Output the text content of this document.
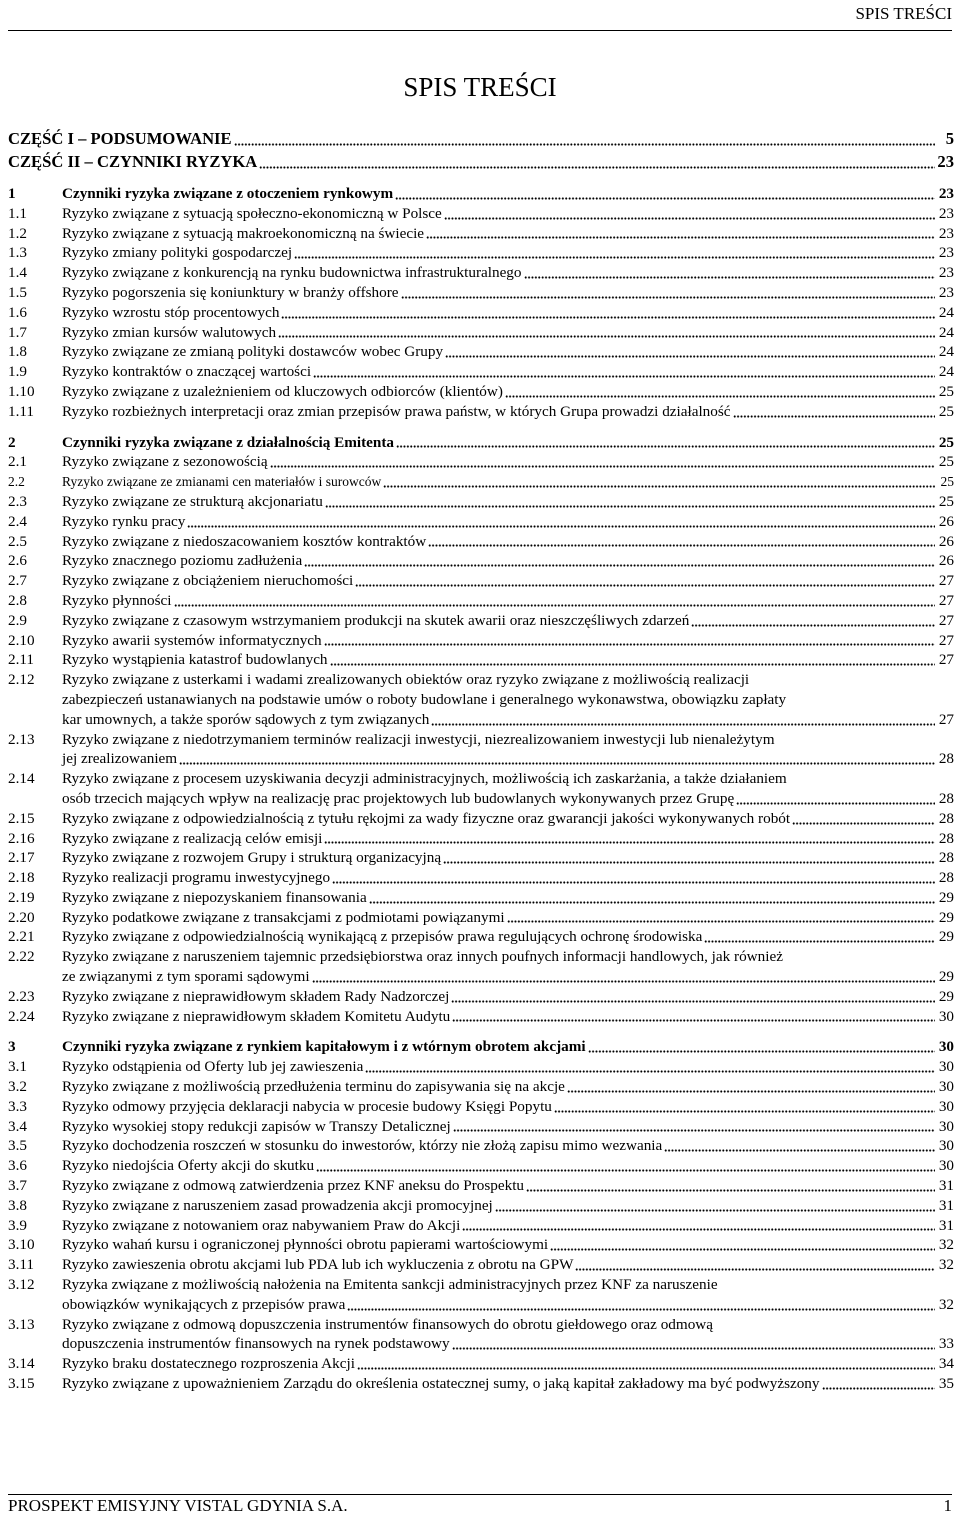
SPIS TREŚCI
SPIS TREŚCI
CZĘŚĆ I – PODSUMOWANIE	5
CZĘŚĆ II – CZYNNIKI RYZYKA	23
1	Czynniki ryzyka związane z otoczeniem rynkowym	23
1.1 Ryzyko związane z sytuacją społeczno-ekonomiczną w Polsce	23
1.2 Ryzyko związane z sytuacją makroekonomiczną na świecie	23
1.3 Ryzyko zmiany polityki gospodarczej	23
1.4 Ryzyko związane z konkurencją na rynku budownictwa infrastrukturalnego	23
1.5 Ryzyko pogorszenia się koniunktury w branży offshore	23
1.6 Ryzyko wzrostu stóp procentowych	24
1.7 Ryzyko zmian kursów walutowych	24
1.8 Ryzyko związane ze zmianą polityki dostawców wobec Grupy	24
1.9 Ryzyko kontraktów o znaczącej wartości	24
1.10 Ryzyko związane z uzależnieniem od kluczowych odbiorców (klientów)	25
1.11 Ryzyko rozbieżnych interpretacji oraz zmian przepisów prawa państw, w których Grupa prowadzi działalność	25
2	Czynniki ryzyka związane z działalnością Emitenta	25
2.1 Ryzyko związane z sezonowością	25
2.2	Ryzyko związane ze zmianami cen materiałów i surowców	25
2.3 Ryzyko związane ze strukturą akcjonariatu	25
2.4 Ryzyko rynku pracy	26
2.5 Ryzyko związane z niedoszacowaniem kosztów kontraktów	26
2.6 Ryzyko znacznego poziomu zadłużenia	26
2.7 Ryzyko związane z obciążeniem nieruchomości	27
2.8 Ryzyko płynności	27
2.9 Ryzyko związane z czasowym wstrzymaniem produkcji na skutek awarii oraz nieszczęśliwych zdarzeń	27
2.10 Ryzyko awarii systemów informatycznych	27
2.11 Ryzyko wystąpienia katastrof budowlanych	27
2.12 Ryzyko związane z usterkami i wadami zrealizowanych obiektów oraz ryzyko związane z możliwością realizacji
zabezpieczeń ustanawianych na podstawie umów o roboty budowlane i generalnego wykonawstwa, obowiązku zapłaty
kar umownych, a także sporów sądowych z tym związanych	27
2.13 Ryzyko związane z niedotrzymaniem terminów realizacji inwestycji, niezrealizowaniem inwestycji lub nienależytym
jej zrealizowaniem	28
2.14 Ryzyko związane z procesem uzyskiwania decyzji administracyjnych, możliwością ich zaskarżania, a także działaniem
osób trzecich mających wpływ na realizację prac projektowych lub budowlanych wykonywanych przez Grupę	28
2.15 Ryzyko związane z odpowiedzialnością z tytułu rękojmi za wady fizyczne oraz gwarancji jakości wykonywanych robót	28
2.16 Ryzyko związane z realizacją celów emisji	28
2.17 Ryzyko związane z rozwojem Grupy i strukturą organizacyjną	28
2.18 Ryzyko realizacji programu inwestycyjnego	28
2.19 Ryzyko związane z niepozyskaniem finansowania	29
2.20 Ryzyko podatkowe związane z transakcjami z podmiotami powiązanymi	29
2.21 Ryzyko związane z odpowiedzialnością wynikającą z przepisów prawa regulujących ochronę środowiska	29
2.22 Ryzyko związane z naruszeniem tajemnic przedsiębiorstwa oraz innych poufnych informacji handlowych, jak również
ze związanymi z tym sporami sądowymi	29
2.23 Ryzyko związane z nieprawidłowym składem Rady Nadzorczej	29
2.24 Ryzyko związane z nieprawidłowym składem Komitetu Audytu	30
3	Czynniki ryzyka związane z rynkiem kapitałowym i z wtórnym obrotem akcjami	30
3.1 Ryzyko odstąpienia od Oferty lub jej zawieszenia	30
3.2 Ryzyko związane z możliwością przedłużenia terminu do zapisywania się na akcje	30
3.3 Ryzyko odmowy przyjęcia deklaracji nabycia w procesie budowy Księgi Popytu	30
3.4 Ryzyko wysokiej stopy redukcji zapisów w Transzy Detalicznej	30
3.5 Ryzyko dochodzenia roszczeń w stosunku do inwestorów, którzy nie złożą zapisu mimo wezwania	30
3.6 Ryzyko niedojścia Oferty akcji do skutku	30
3.7 Ryzyko związane z odmową zatwierdzenia przez KNF aneksu do Prospektu	31
3.8 Ryzyko związane z naruszeniem zasad prowadzenia akcji promocyjnej	31
3.9 Ryzyko związane z notowaniem oraz nabywaniem Praw do Akcji	31
3.10 Ryzyko wahań kursu i ograniczonej płynności obrotu papierami wartościowymi	32
3.11 Ryzyko zawieszenia obrotu akcjami lub PDA lub ich wykluczenia z obrotu na GPW	32
3.12 Ryzyka związane z możliwością nałożenia na Emitenta sankcji administracyjnych przez KNF za naruszenie
obowiązków wynikających z przepisów prawa	32
3.13 Ryzyko związane z odmową dopuszczenia instrumentów finansowych do obrotu giełdowego oraz odmową
dopuszczenia instrumentów finansowych na rynek podstawowy	33
3.14 Ryzyko braku dostatecznego rozproszenia Akcji	34
3.15 Ryzyko związane z upoważnieniem Zarządu do określenia ostatecznej sumy, o jaką kapitał zakładowy ma być podwyższony	35
PROSPEKT EMISYJNY VISTAL GDYNIA S.A.	1
